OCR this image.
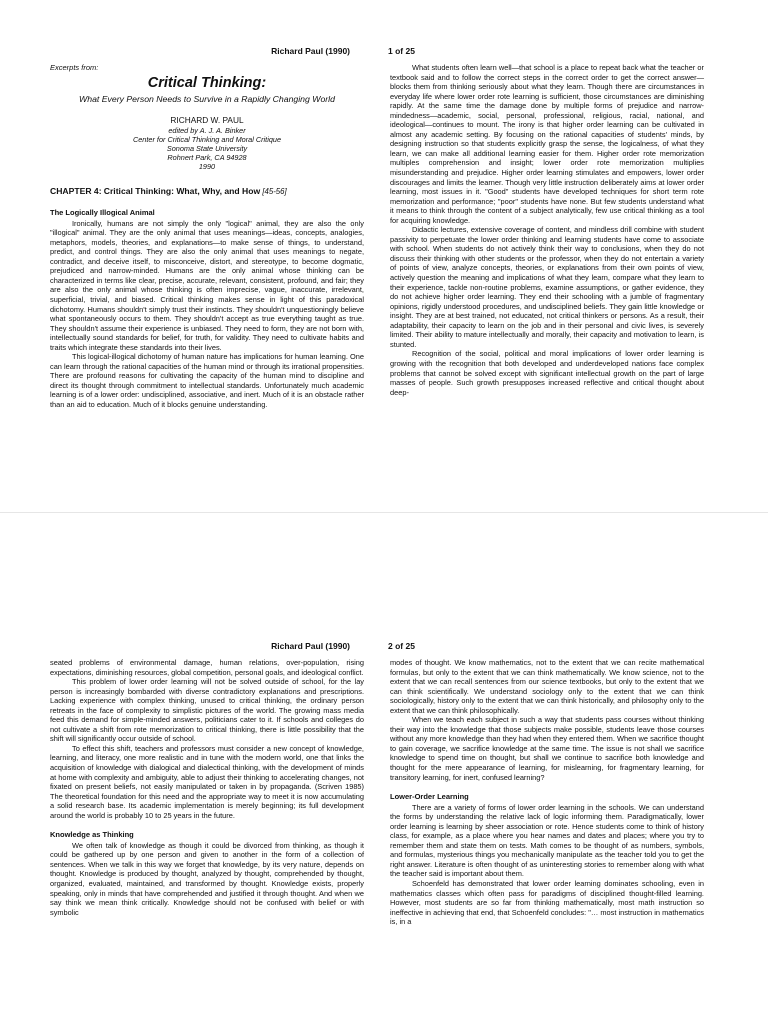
Richard Paul (1990)	1 of 25
Excerpts from:
Critical Thinking:
What Every Person Needs to Survive in a Rapidly Changing World
RICHARD W. PAUL
edited by A. J. A. Binker
Center for Critical Thinking and Moral Critique
Sonoma State University
Rohnert Park, CA 94928
1990
CHAPTER 4: Critical Thinking: What, Why, and How [45-56]
The Logically Illogical Animal

Ironically, humans are not simply the only "logical" animal, they are also the only "illogical" animal. They are the only animal that uses meanings—ideas, concepts, analogies, metaphors, models, theories, and explanations—to make sense of things, to understand, predict, and control things. They are also the only animal that uses meanings to negate, contradict, and deceive itself, to misconceive, distort, and stereotype, to become dogmatic, prejudiced and narrow-minded. Humans are the only animal whose thinking can be characterized in terms like clear, precise, accurate, relevant, consistent, profound, and fair; they are also the only animal whose thinking is often imprecise, vague, inaccurate, irrelevant, superficial, trivial, and biased. Critical thinking makes sense in light of this paradoxical dichotomy. Humans shouldn't simply trust their instincts. They shouldn't unquestioningly believe what spontaneously occurs to them. They shouldn't accept as true everything taught as true. They shouldn't assume their experience is unbiased. They need to form, they are not born with, intellectually sound standards for belief, for truth, for validity. They need to cultivate habits and traits which integrate these standards into their lives.

This logical-illogical dichotomy of human nature has implications for human learning. One can learn through the rational capacities of the human mind or through its irrational propensities. There are profound reasons for cultivating the capacity of the human mind to discipline and direct its thought through commitment to intellectual standards. Unfortunately much academic learning is of a lower order: undisciplined, associative, and inert. Much of it is an obstacle rather than an aid to education. Much of it blocks genuine understanding.

What students often learn well—that school is a place to repeat back what the teacher or textbook said and to follow the correct steps in the correct order to get the correct answer—blocks them from thinking seriously about what they learn. Though there are circumstances in everyday life where lower order rote learning is sufficient, those circumstances are diminishing rapidly. At the same time the damage done by multiple forms of prejudice and narrow-mindedness—academic, social, personal, professional, religious, racial, national, and ideological—continues to mount. The irony is that higher order learning can be cultivated in almost any academic setting. By focusing on the rational capacities of students' minds, by designing instruction so that students explicitly grasp the sense, the logicalness, of what they learn, we can make all additional learning easier for them. Higher order rote memorization multiples comprehension and insight; lower order rote memorization multiplies misunderstanding and prejudice. Higher order learning stimulates and empowers, lower order discourages and limits the learner. Though very little instruction deliberately aims at lower order learning, most issues in it. "Good" students have developed techniques for short term rote memorization and performance; "poor" students have none. But few students understand what it means to think through the content of a subject analytically, few use critical thinking as a tool for acquiring knowledge.

Didactic lectures, extensive coverage of content, and mindless drill combine with student passivity to perpetuate the lower order thinking and learning students have come to associate with school. When students do not actively think their way to conclusions, when they do not discuss their thinking with other students or the professor, when they do not entertain a variety of points of view, analyze concepts, theories, or explanations from their own points of view, actively question the meaning and implications of what they learn, compare what they learn to their experience, tackle non-routine problems, examine assumptions, or gather evidence, they do not achieve higher order learning. They end their schooling with a jumble of fragmentary opinions, rigidly understood procedures, and undisciplined beliefs. They gain little knowledge or insight. They are at best trained, not educated, not critical thinkers or persons. As a result, their adaptability, their capacity to learn on the job and in their personal and civic lives, is severely limited. Their ability to mature intellectually and morally, their capacity and motivation to learn, is stunted.

Recognition of the social, political and moral implications of lower order learning is growing with the recognition that both developed and underdeveloped nations face complex problems that cannot be solved except with significant intellectual growth on the part of large masses of people. Such growth presupposes increased reflective and critical thought about deep-

Richard Paul (1990)	2 of 25

seated problems of environmental damage, human relations, over-population, rising expectations, diminishing resources, global competition, personal goals, and ideological conflict.

This problem of lower order learning will not be solved outside of school, for the lay person is increasingly bombarded with diverse contradictory explanations and prescriptions. Lacking experience with complex thinking, unused to critical thinking, the ordinary person retreats in the face of complexity to simplistic pictures of the world. The growing mass media feed this demand for simple-minded answers, politicians cater to it. If schools and colleges do not cultivate a shift from rote memorization to critical thinking, there is little possibility that the shift will significantly occur outside of school.

To effect this shift, teachers and professors must consider a new concept of knowledge, learning, and literacy, one more realistic and in tune with the modern world, one that links the acquisition of knowledge with dialogical and dialectical thinking, with the development of minds at home with complexity and ambiguity, able to adjust their thinking to accelerating changes, not fixated on present beliefs, not easily manipulated or taken in by propaganda. (Scriven 1985) The theoretical foundation for this need and the appropriate way to meet it is now accumulating a solid research base. Its academic implementation is merely beginning; its full development around the world is probably 10 to 25 years in the future.

Knowledge as Thinking

We often talk of knowledge as though it could be divorced from thinking, as though it could be gathered up by one person and given to another in the form of a collection of sentences. When we talk in this way we forget that knowledge, by its very nature, depends on thought. Knowledge is produced by thought, analyzed by thought, comprehended by thought, organized, evaluated, maintained, and transformed by thought. Knowledge exists, properly speaking, only in minds that have comprehended and justified it through thought. And when we say think we mean think critically. Knowledge should not be confused with belief or with symbolic

modes of thought. We know mathematics, not to the extent that we can recite mathematical formulas, but only to the extent that we can think mathematically. We know science, not to the extent that we can recall sentences from our science textbooks, but only to the extent that we can think scientifically. We understand sociology only to the extent that we can think sociologically, history only to the extent that we can think historically, and philosophy only to the extent that we can think philosophically.

When we teach each subject in such a way that students pass courses without thinking their way into the knowledge that those subjects make possible, students leave those courses without any more knowledge than they had when they entered them. When we sacrifice thought to gain coverage, we sacrifice knowledge at the same time. The issue is not shall we sacrifice knowledge to spend time on thought, but shall we continue to sacrifice both knowledge and thought for the mere appearance of learning, for mislearning, for fragmentary learning, for transitory learning, for inert, confused learning?

Lower-Order Learning

There are a variety of forms of lower order learning in the schools. We can understand the forms by understanding the relative lack of logic informing them. Paradigmatically, lower order learning is learning by sheer association or rote. Hence students come to think of history class, for example, as a place where you hear names and dates and places; where you try to remember them and state them on tests. Math comes to be thought of as numbers, symbols, and formulas, mysterious things you mechanically manipulate as the teacher told you to get the right answer. Literature is often thought of as uninteresting stories to remember along with what the teacher said is important about them.

Schoenfeld has demonstrated that lower order learning dominates schooling, even in mathematics classes which often pass for paradigms of disciplined thought-filled learning. However, most students are so far from thinking mathematically, most math instruction so ineffective in achieving that end, that Schoenfeld concludes: "… most instruction in mathematics is, in a
